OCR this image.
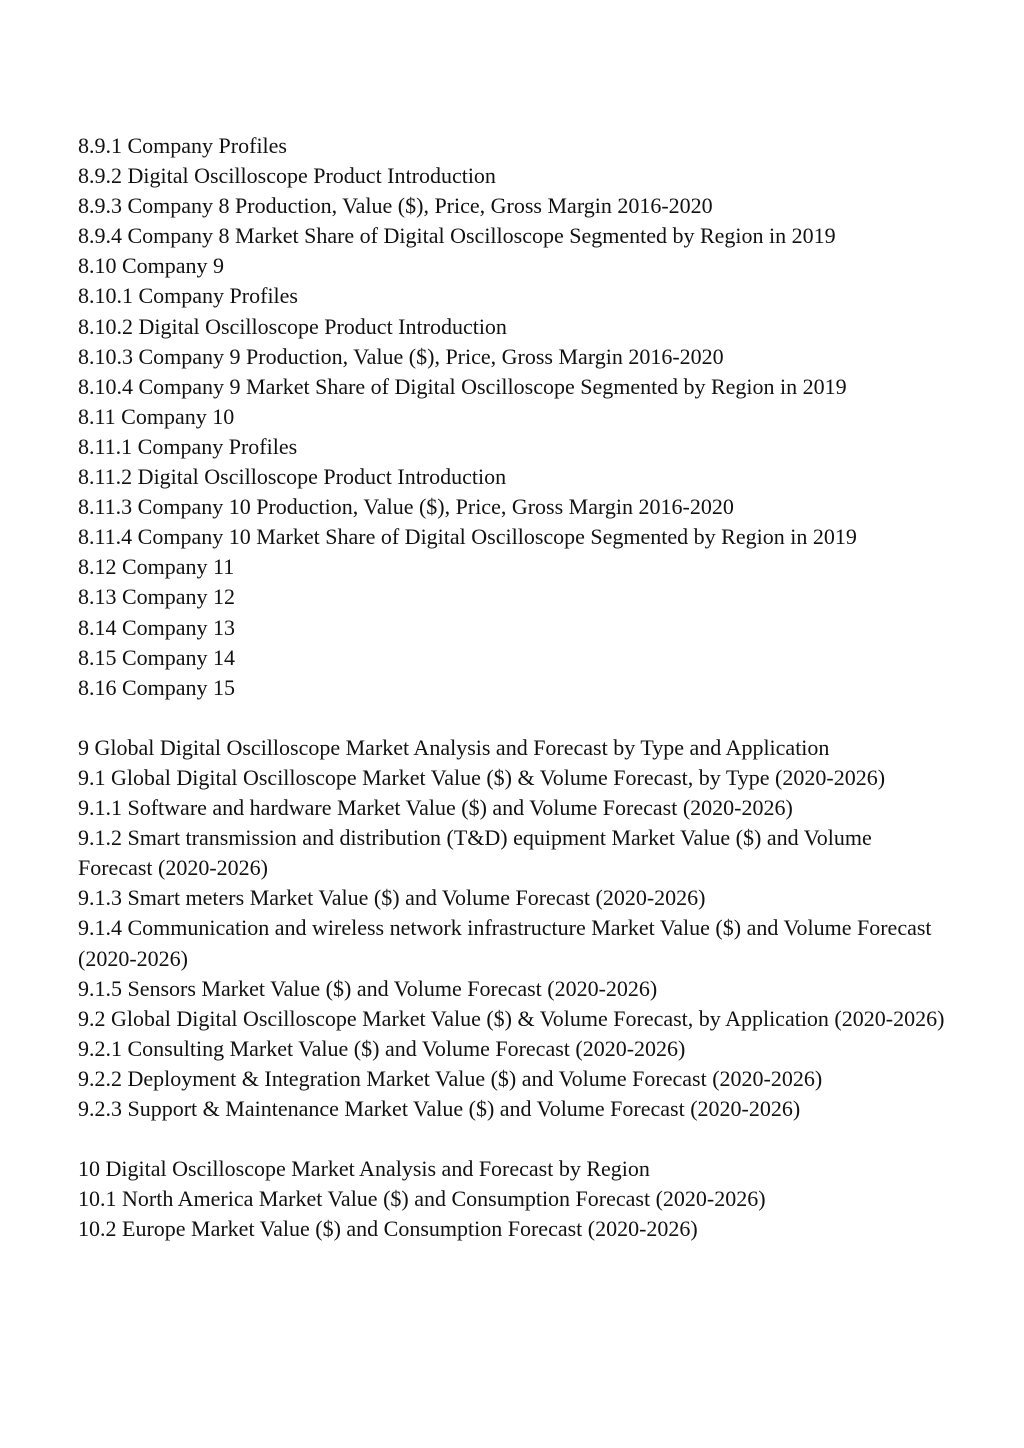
8.9.1 Company Profiles
8.9.2 Digital Oscilloscope Product Introduction
8.9.3 Company 8 Production, Value ($), Price, Gross Margin 2016-2020
8.9.4 Company 8 Market Share of Digital Oscilloscope Segmented by Region in 2019
8.10 Company 9
8.10.1 Company Profiles
8.10.2 Digital Oscilloscope Product Introduction
8.10.3 Company 9 Production, Value ($), Price, Gross Margin 2016-2020
8.10.4 Company 9 Market Share of Digital Oscilloscope Segmented by Region in 2019
8.11 Company 10
8.11.1 Company Profiles
8.11.2 Digital Oscilloscope Product Introduction
8.11.3 Company 10 Production, Value ($), Price, Gross Margin 2016-2020
8.11.4 Company 10 Market Share of Digital Oscilloscope Segmented by Region in 2019
8.12 Company 11
8.13 Company 12
8.14 Company 13
8.15 Company 14
8.16 Company 15
9 Global Digital Oscilloscope Market Analysis and Forecast by Type and Application
9.1 Global Digital Oscilloscope Market Value ($) & Volume Forecast, by Type (2020-2026)
9.1.1 Software and hardware Market Value ($) and Volume Forecast (2020-2026)
9.1.2 Smart transmission and distribution (T&D) equipment Market Value ($) and Volume Forecast (2020-2026)
9.1.3 Smart meters Market Value ($) and Volume Forecast (2020-2026)
9.1.4 Communication and wireless network infrastructure Market Value ($) and Volume Forecast (2020-2026)
9.1.5 Sensors Market Value ($) and Volume Forecast (2020-2026)
9.2 Global Digital Oscilloscope Market Value ($) & Volume Forecast, by Application (2020-2026)
9.2.1 Consulting Market Value ($) and Volume Forecast (2020-2026)
9.2.2 Deployment & Integration Market Value ($) and Volume Forecast (2020-2026)
9.2.3 Support & Maintenance Market Value ($) and Volume Forecast (2020-2026)
10 Digital Oscilloscope Market Analysis and Forecast by Region
10.1 North America Market Value ($) and Consumption Forecast (2020-2026)
10.2 Europe Market Value ($) and Consumption Forecast (2020-2026)
